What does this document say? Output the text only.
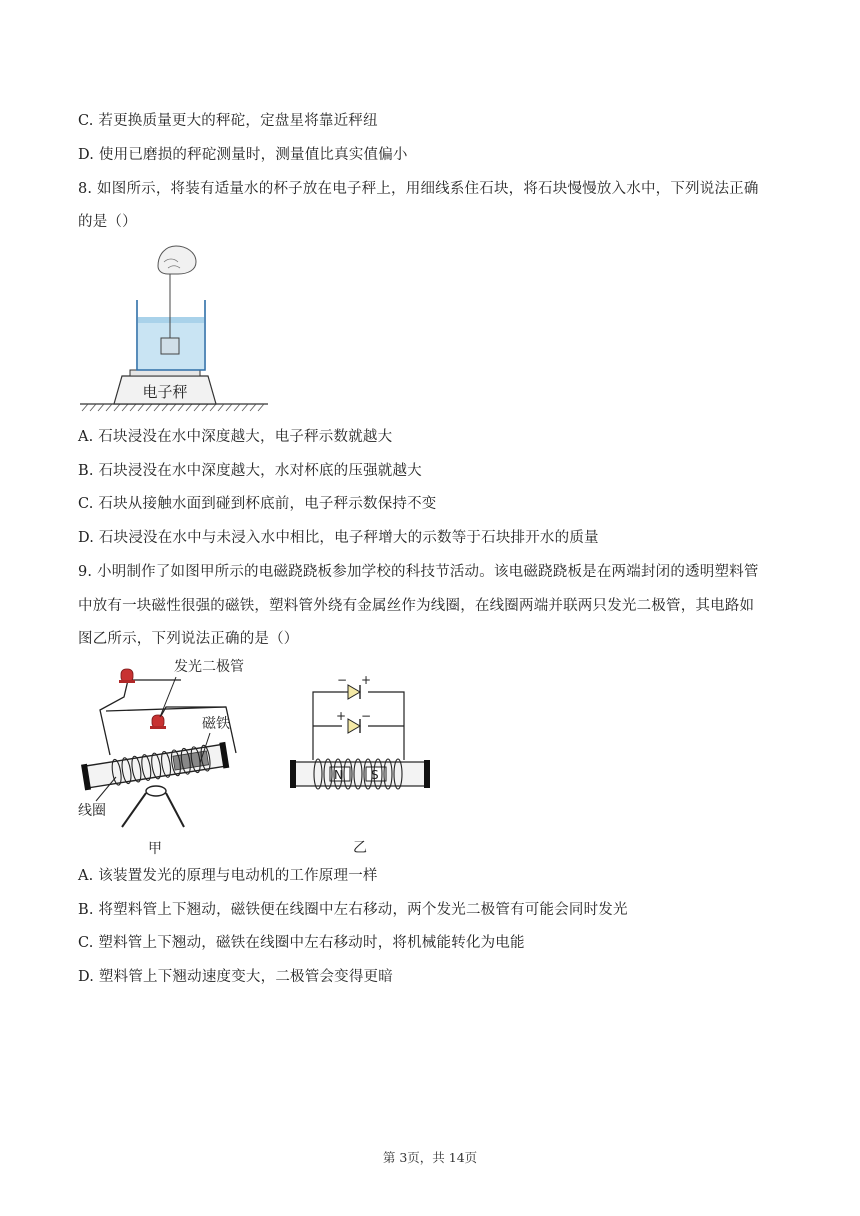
C. 若更换质量更大的秤砣，定盘星将靠近秤纽
D. 使用已磨损的秤砣测量时，测量值比真实值偏小
8. 如图所示，将装有适量水的杯子放在电子秤上，用细线系住石块，将石块慢慢放入水中，下列说法正确
的是（）
电子秤
A. 石块浸没在水中深度越大，电子秤示数就越大
B. 石块浸没在水中深度越大，水对杯底的压强就越大
C. 石块从接触水面到碰到杯底前，电子秤示数保持不变
D. 石块浸没在水中与未浸入水中相比，电子秤增大的示数等于石块排开水的质量
9. 小明制作了如图甲所示的电磁跷跷板参加学校的科技节活动。该电磁跷跷板是在两端封闭的透明塑料管
中放有一块磁性很强的磁铁，塑料管外绕有金属丝作为线圈，在线圈两端并联两只发光二极管，其电路如
图乙所示，下列说法正确的是（）
发光二极管
磁铁
线圈
甲
− +
+ −
N S
乙
A. 该装置发光的原理与电动机的工作原理一样
B. 将塑料管上下翘动，磁铁便在线圈中左右移动，两个发光二极管有可能会同时发光
C. 塑料管上下翘动，磁铁在线圈中左右移动时，将机械能转化为电能
D. 塑料管上下翘动速度变大，二极管会变得更暗
第 3页，共 14页
